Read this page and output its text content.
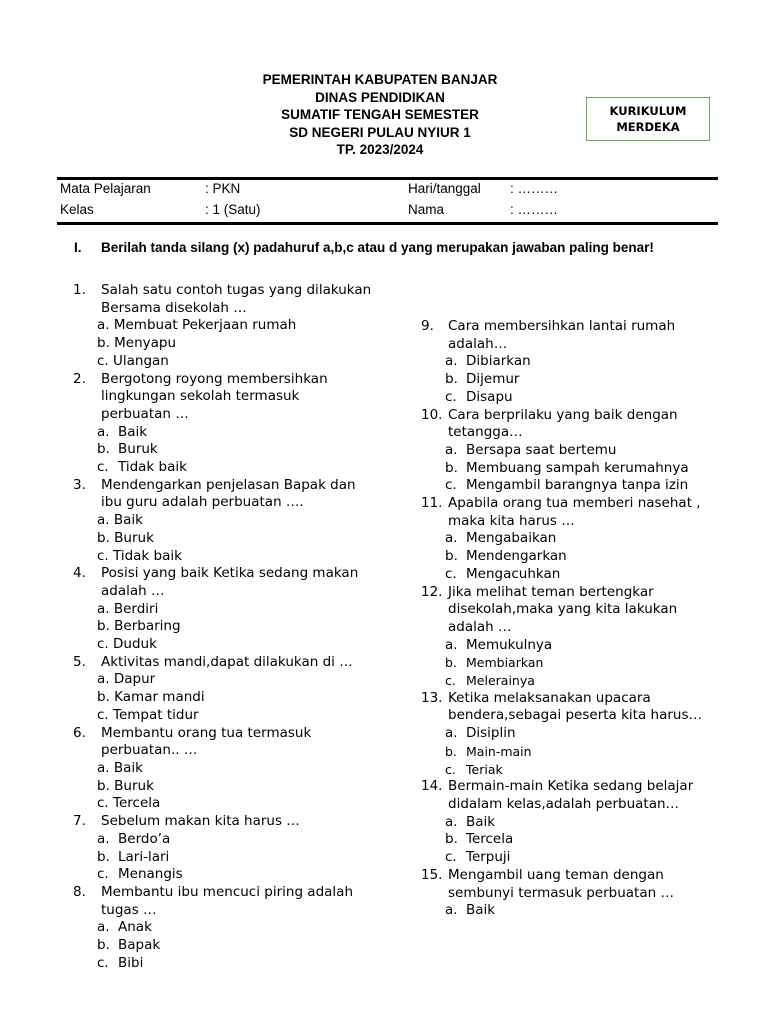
PEMERINTAH KABUPATEN BANJAR
DINAS PENDIDIKAN
SUMATIF TENGAH SEMESTER
SD NEGERI PULAU NYIUR 1
TP. 2023/2024
KURIKULUM
MERDEKA
Mata Pelajaran	: PKN	Hari/tanggal : ………
Kelas	: 1 (Satu)	Nama	: ………
I. Berilah tanda silang (x) padahuruf a,b,c atau d yang merupakan jawaban paling benar!
1.	Salah satu contoh tugas yang dilakukan Bersama disekolah …
a. Membuat Pekerjaan rumah
b. Menyapu
c. Ulangan
2.	Bergotong royong membersihkan lingkungan sekolah termasuk perbuatan …
a. Baik
b. Buruk
c. Tidak baik
3.	Mendengarkan penjelasan Bapak dan ibu guru adalah perbuatan ….
a. Baik
b. Buruk
c. Tidak baik
4.	Posisi yang baik Ketika sedang makan adalah …
a. Berdiri
b. Berbaring
c. Duduk
5.	Aktivitas mandi,dapat dilakukan di …
a. Dapur
b. Kamar mandi
c. Tempat tidur
6.	Membantu orang tua termasuk perbuatan.. …
a. Baik
b. Buruk
c. Tercela
7.	Sebelum makan kita harus …
a. Berdo’a
b. Lari-lari
c. Menangis
8.	Membantu ibu mencuci piring adalah tugas …
a. Anak
b. Bapak
c. Bibi
9.	Cara membersihkan lantai rumah adalah…
a. Dibiarkan
b. Dijemur
c. Disapu
10. Cara berprilaku yang baik dengan tetangga…
a. Bersapa saat bertemu
b. Membuang sampah kerumahnya
c. Mengambil barangnya tanpa izin
11. Apabila orang tua memberi nasehat , maka kita harus …
a. Mengabaikan
b. Mendengarkan
c. Mengacuhkan
12. Jika melihat teman bertengkar disekolah,maka yang kita lakukan adalah …
a. Memukulnya
b. Membiarkan
c. Melerainya
13. Ketika melaksanakan upacara bendera,sebagai peserta kita harus…
a. Disiplin
b. Main-main
c. Teriak
14. Bermain-main Ketika sedang belajar didalam kelas,adalah perbuatan…
a. Baik
b. Tercela
c. Terpuji
15. Mengambil uang teman dengan sembunyi termasuk perbuatan …
a. Baik
